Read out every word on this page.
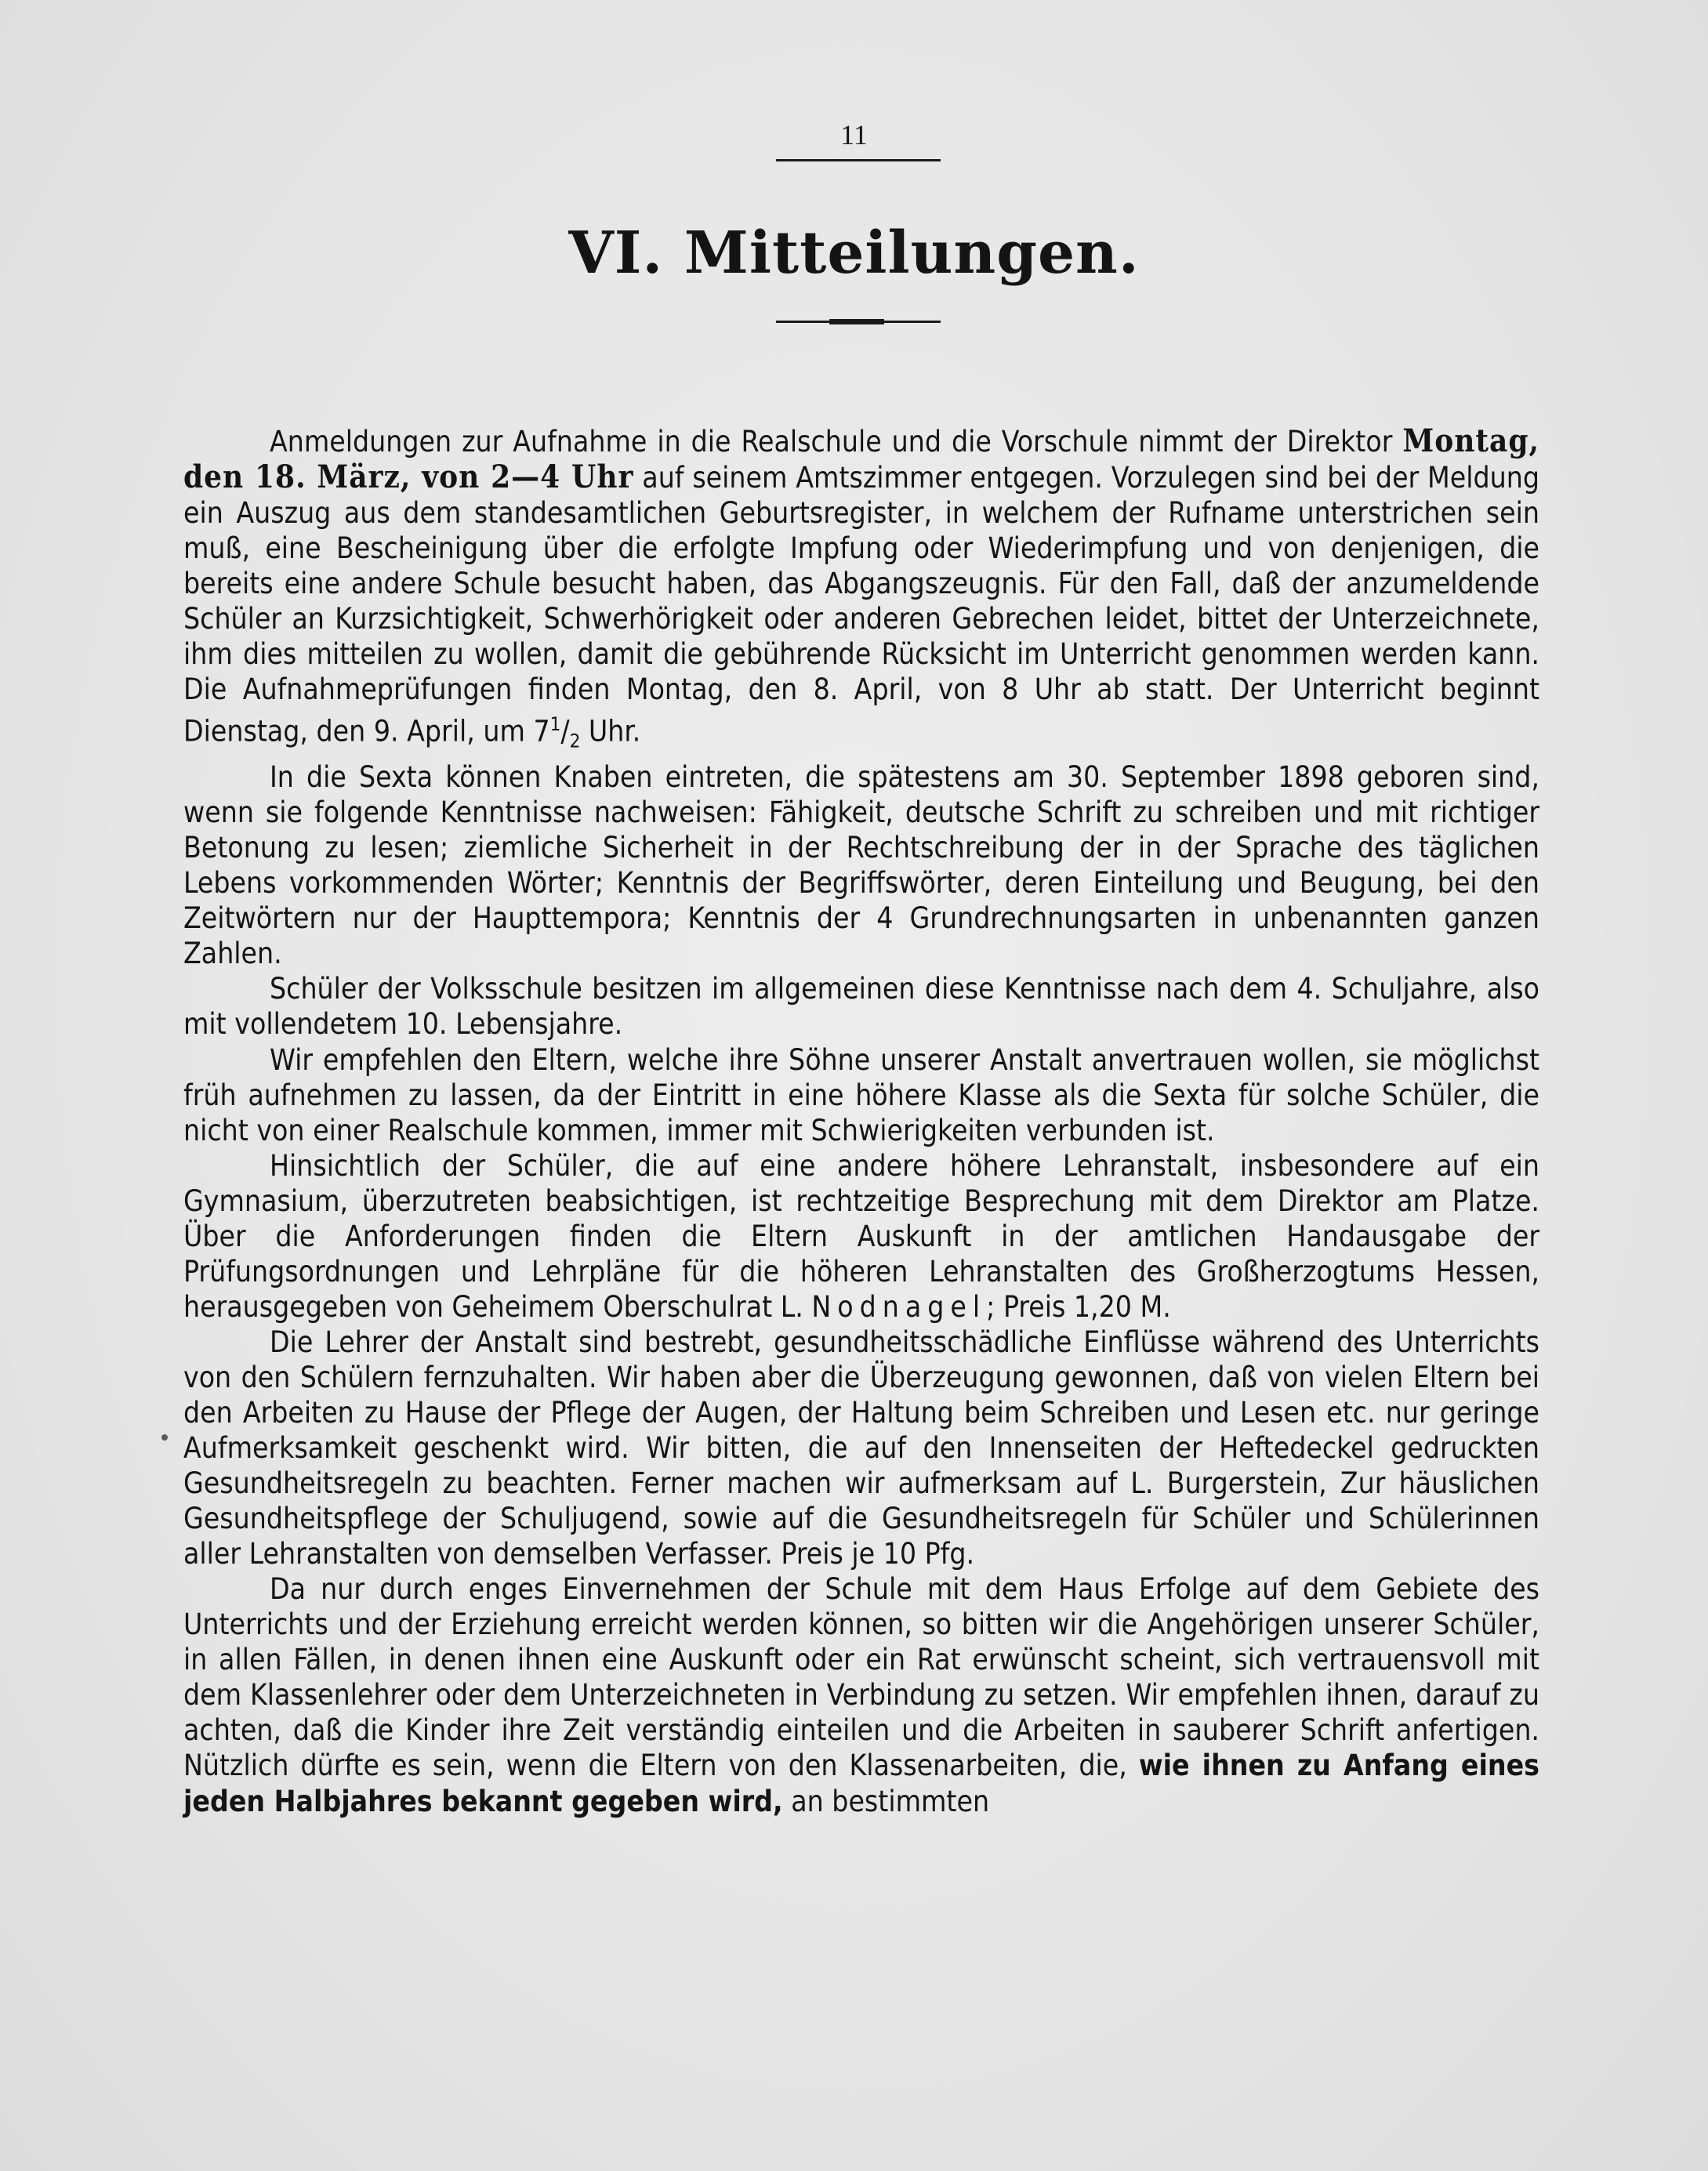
11
VI. Mitteilungen.

Anmeldungen zur Aufnahme in die Realschule und die Vorschule nimmt der Direktor Montag, den 18. März, von 2—4 Uhr auf seinem Amtszimmer entgegen. Vorzulegen sind bei der Meldung ein Auszug aus dem standesamtlichen Geburtsregister, in welchem der Rufname unterstrichen sein muß, eine Bescheinigung über die erfolgte Impfung oder Wiederimpfung und von denjenigen, die bereits eine andere Schule besucht haben, das Abgangszeugnis. Für den Fall, daß der anzumeldende Schüler an Kurzsichtigkeit, Schwerhörigkeit oder anderen Gebrechen leidet, bittet der Unterzeichnete, ihm dies mitteilen zu wollen, damit die gebührende Rücksicht im Unterricht genommen werden kann. Die Aufnahmeprüfungen finden Montag, den 8. April, von 8 Uhr ab statt. Der Unterricht beginnt Dienstag, den 9. April, um $7^1/_2$ Uhr.

In die Sexta können Knaben eintreten, die spätestens am 30. September 1898 geboren sind, wenn sie folgende Kenntnisse nachweisen: Fähigkeit, deutsche Schrift zu schreiben und mit richtiger Betonung zu lesen; ziemliche Sicherheit in der Rechtschreibung der in der Sprache des täglichen Lebens vorkommenden Wörter; Kenntnis der Begriffswörter, deren Einteilung und Beugung, bei den Zeitwörtern nur der Haupttempora; Kenntnis der 4 Grundrechnungsarten in unbenannten ganzen Zahlen.

Schüler der Volksschule besitzen im allgemeinen diese Kenntnisse nach dem 4. Schuljahre, also mit vollendetem 10. Lebensjahre.

Wir empfehlen den Eltern, welche ihre Söhne unserer Anstalt anvertrauen wollen, sie möglichst früh aufnehmen zu lassen, da der Eintritt in eine höhere Klasse als die Sexta für solche Schüler, die nicht von einer Realschule kommen, immer mit Schwierigkeiten verbunden ist.

Hinsichtlich der Schüler, die auf eine andere höhere Lehranstalt, insbesondere auf ein Gymnasium, überzutreten beabsichtigen, ist rechtzeitige Besprechung mit dem Direktor am Platze. Über die Anforderungen finden die Eltern Auskunft in der amtlichen Handausgabe der Prüfungsordnungen und Lehrpläne für die höheren Lehranstalten des Großherzogtums Hessen, herausgegeben von Geheimem Oberschulrat L. Nodnagel; Preis 1,20 M.

Die Lehrer der Anstalt sind bestrebt, gesundheitsschädliche Einflüsse während des Unterrichts von den Schülern fernzuhalten. Wir haben aber die Überzeugung gewonnen, daß von vielen Eltern bei den Arbeiten zu Hause der Pflege der Augen, der Haltung beim Schreiben und Lesen etc. nur geringe Aufmerksamkeit geschenkt wird. Wir bitten, die auf den Innenseiten der Heftedeckel gedruckten Gesundheitsregeln zu beachten. Ferner machen wir aufmerksam auf L. Burgerstein, Zur häuslichen Gesundheitspflege der Schuljugend, sowie auf die Gesundheitsregeln für Schüler und Schülerinnen aller Lehranstalten von demselben Verfasser. Preis je 10 Pfg.

Da nur durch enges Einvernehmen der Schule mit dem Haus Erfolge auf dem Gebiete des Unterrichts und der Erziehung erreicht werden können, so bitten wir die Angehörigen unserer Schüler, in allen Fällen, in denen ihnen eine Auskunft oder ein Rat erwünscht scheint, sich vertrauensvoll mit dem Klassenlehrer oder dem Unterzeichneten in Verbindung zu setzen. Wir empfehlen ihnen, darauf zu achten, daß die Kinder ihre Zeit verständig einteilen und die Arbeiten in sauberer Schrift anfertigen. Nützlich dürfte es sein, wenn die Eltern von den Klassenarbeiten, die, wie ihnen zu Anfang eines jeden Halbjahres bekannt gegeben wird, an bestimmten
